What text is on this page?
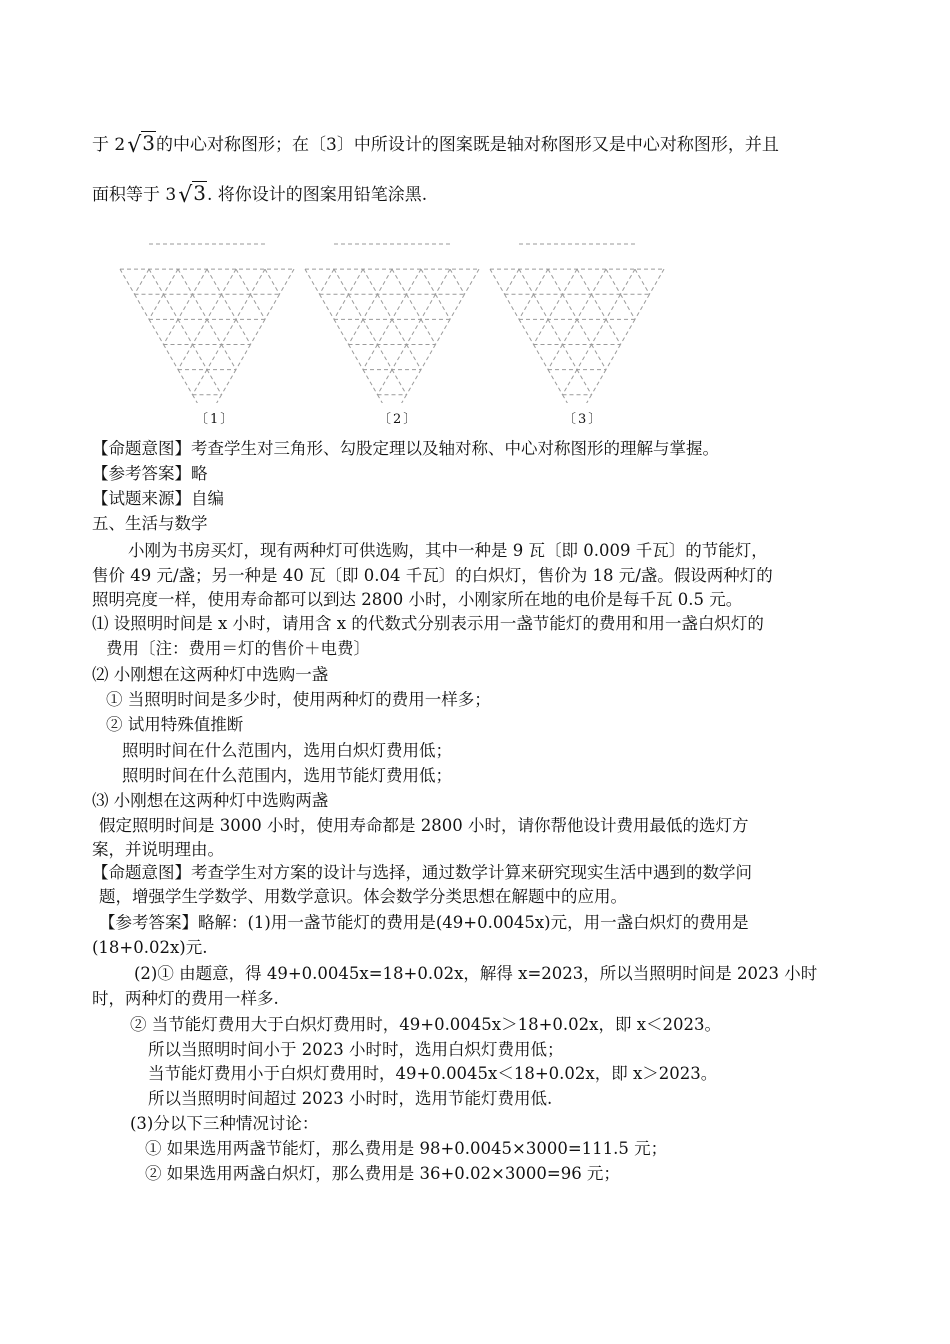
于 2√3的中心对称图形；在〔3〕中所设计的图案既是轴对称图形又是中心对称图形，并且
面积等于 3√3. 将你设计的图案用铅笔涂黑.
〔1〕	〔2〕	〔3〕
【命题意图】考查学生对三角形、勾股定理以及轴对称、中心对称图形的理解与掌握。
【参考答案】略
【试题来源】自编
五、生活与数学
小刚为书房买灯，现有两种灯可供选购，其中一种是 9 瓦〔即 0.009 千瓦〕的节能灯，
售价 49 元/盏；另一种是 40 瓦〔即 0.04 千瓦〕的白炽灯，售价为 18 元/盏。假设两种灯的
照明亮度一样，使用寿命都可以到达 2800 小时，小刚家所在地的电价是每千瓦 0.5 元。
⑴ 设照明时间是 x 小时，请用含 x 的代数式分别表示用一盏节能灯的费用和用一盏白炽灯的
费用〔注：费用＝灯的售价＋电费〕
⑵ 小刚想在这两种灯中选购一盏
① 当照明时间是多少时，使用两种灯的费用一样多；
② 试用特殊值推断
照明时间在什么范围内，选用白炽灯费用低；
照明时间在什么范围内，选用节能灯费用低；
⑶ 小刚想在这两种灯中选购两盏
假定照明时间是 3000 小时，使用寿命都是 2800 小时，请你帮他设计费用最低的选灯方
案，并说明理由。
【命题意图】考查学生对方案的设计与选择，通过数学计算来研究现实生活中遇到的数学问
题，增强学生学数学、用数学意识。体会数学分类思想在解题中的应用。
【参考答案】略解：(1)用一盏节能灯的费用是(49+0.0045x)元，用一盏白炽灯的费用是
(18+0.02x)元.
(2)① 由题意，得 49+0.0045x=18+0.02x，解得 x=2023，所以当照明时间是 2023 小时
时，两种灯的费用一样多.
② 当节能灯费用大于白炽灯费用时，49+0.0045x＞18+0.02x，即 x＜2023。
所以当照明时间小于 2023 小时时，选用白炽灯费用低；
当节能灯费用小于白炽灯费用时，49+0.0045x＜18+0.02x，即 x＞2023。
所以当照明时间超过 2023 小时时，选用节能灯费用低.
(3)分以下三种情况讨论：
① 如果选用两盏节能灯，那么费用是 98+0.0045×3000=111.5 元；
② 如果选用两盏白炽灯，那么费用是 36+0.02×3000=96 元；
